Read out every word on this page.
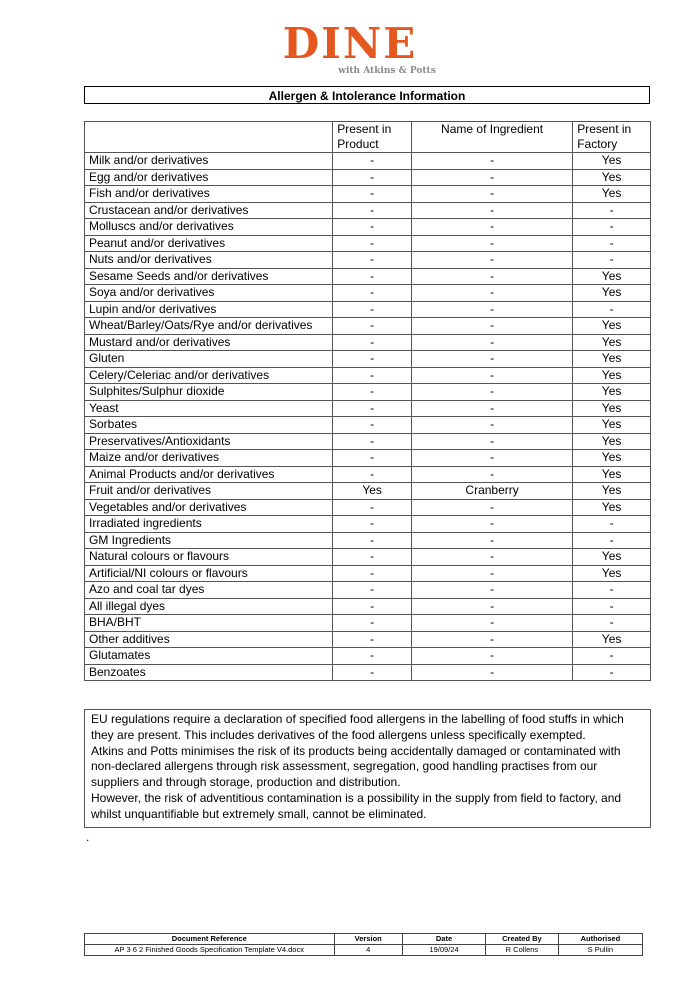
DINE
with Atkins & Potts
Allergen & Intolerance Information
	Present in Product	Name of Ingredient	Present in Factory
Milk and/or derivatives	-	-	Yes
Egg and/or derivatives	-	-	Yes
Fish and/or derivatives	-	-	Yes
Crustacean and/or derivatives	-	-	-
Molluscs and/or derivatives	-	-	-
Peanut and/or derivatives	-	-	-
Nuts and/or derivatives	-	-	-
Sesame Seeds and/or derivatives	-	-	Yes
Soya and/or derivatives	-	-	Yes
Lupin and/or derivatives	-	-	-
Wheat/Barley/Oats/Rye and/or derivatives	-	-	Yes
Mustard and/or derivatives	-	-	Yes
Gluten	-	-	Yes
Celery/Celeriac and/or derivatives	-	-	Yes
Sulphites/Sulphur dioxide	-	-	Yes
Yeast	-	-	Yes
Sorbates	-	-	Yes
Preservatives/Antioxidants	-	-	Yes
Maize and/or derivatives	-	-	Yes
Animal Products and/or derivatives	-	-	Yes
Fruit and/or derivatives	Yes	Cranberry	Yes
Vegetables and/or derivatives	-	-	Yes
Irradiated ingredients	-	-	-
GM Ingredients	-	-	-
Natural colours or flavours	-	-	Yes
Artificial/NI colours or flavours	-	-	Yes
Azo and coal tar dyes	-	-	-
All illegal dyes	-	-	-
BHA/BHT	-	-	-
Other additives	-	-	Yes
Glutamates	-	-	-
Benzoates	-	-	-

EU regulations require a declaration of specified food allergens in the labelling of food stuffs in which they are present. This includes derivatives of the food allergens unless specifically exempted.

Atkins and Potts minimises the risk of its products being accidentally damaged or contaminated with non-declared allergens through risk assessment, segregation, good handling practises from our suppliers and through storage, production and distribution.

However, the risk of adventitious contamination is a possibility in the supply from field to factory, and whilst unquantifiable but extremely small, cannot be eliminated.

.
Document Reference	Version	Date	Created By	Authorised
AP 3 6 2 Finished Goods Specification Template V4.docx	4	19/09/24	R Collens	S Pullin
